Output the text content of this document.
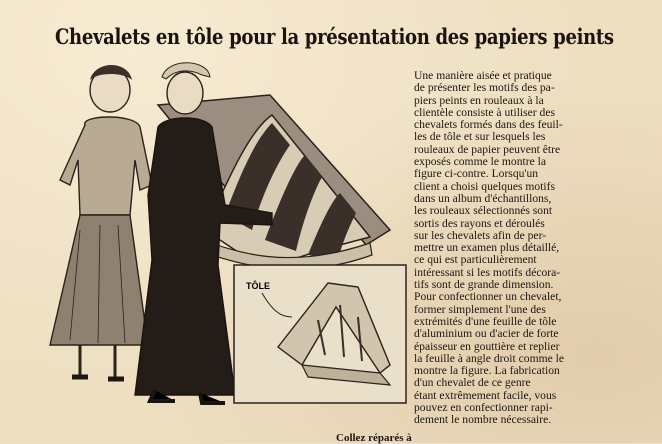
Chevalets en tôle pour la présentation des papiers peints
TÔLE
Une manière aisée et pratique
de présenter les motifs des pa-
piers peints en rouleaux à la
clientèle consiste à utiliser des
chevalets formés dans des feuil-
les de tôle et sur lesquels les
rouleaux de papier peuvent être
exposés comme le montre la
figure ci-contre. Lorsqu'un
client a choisi quelques motifs
dans un album d'échantillons,
les rouleaux sélectionnés sont
sortis des rayons et déroulés
sur les chevalets afin de per-
mettre un examen plus détaillé,
ce qui est particulièrement
intéressant si les motifs décora-
tifs sont de grande dimension.
Pour confectionner un chevalet,
former simplement l'une des
extrémités d'une feuille de tôle
d'aluminium ou d'acier de forte
épaisseur en gouttière et replier
la feuille à angle droit comme le
montre la figure. La fabrication
d'un chevalet de ce genre
étant extrêmement facile, vous
pouvez en confectionner rapi-
dement le nombre nécessaire.
Collez réparés à
